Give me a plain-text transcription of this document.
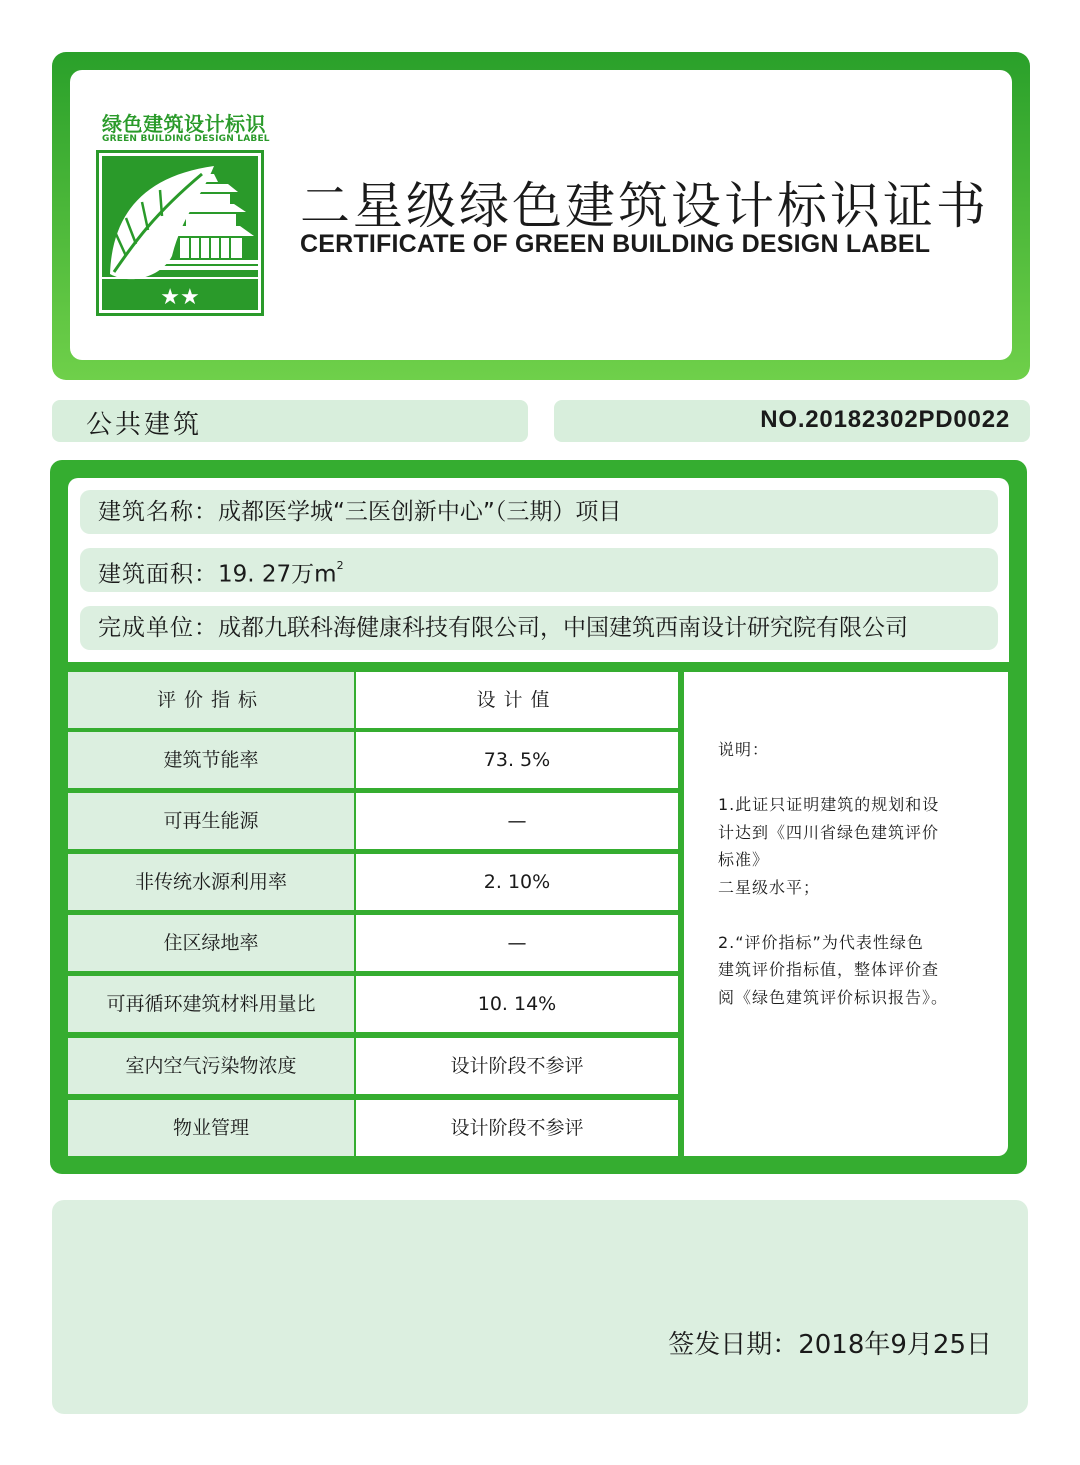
绿色建筑设计标识
GREEN BUILDING DESIGN LABEL
★★
二星级绿色建筑设计标识证书
CERTIFICATE OF GREEN BUILDING DESIGN LABEL
公共建筑	NO.20182302PD0022
建筑名称：成都医学城“三医创新中心”（三期）项目
建筑面积：19. 27万$m^2$
完成单位：成都九联科海健康科技有限公司，中国建筑西南设计研究院有限公司
评价指标	设计值
建筑节能率	73. 5%
可再生能源	—
非传统水源利用率	2. 10%
住区绿地率	—
可再循环建筑材料用量比	10. 14%
室内空气污染物浓度	设计阶段不参评
物业管理	设计阶段不参评

说明：

1.此证只证明建筑的规划和设

计达到《四川省绿色建筑评价

标准》

二星级水平；

2.“评价指标”为代表性绿色

建筑评价指标值，整体评价查

阅《绿色建筑评价标识报告》。

签发日期：2018年9月25日
